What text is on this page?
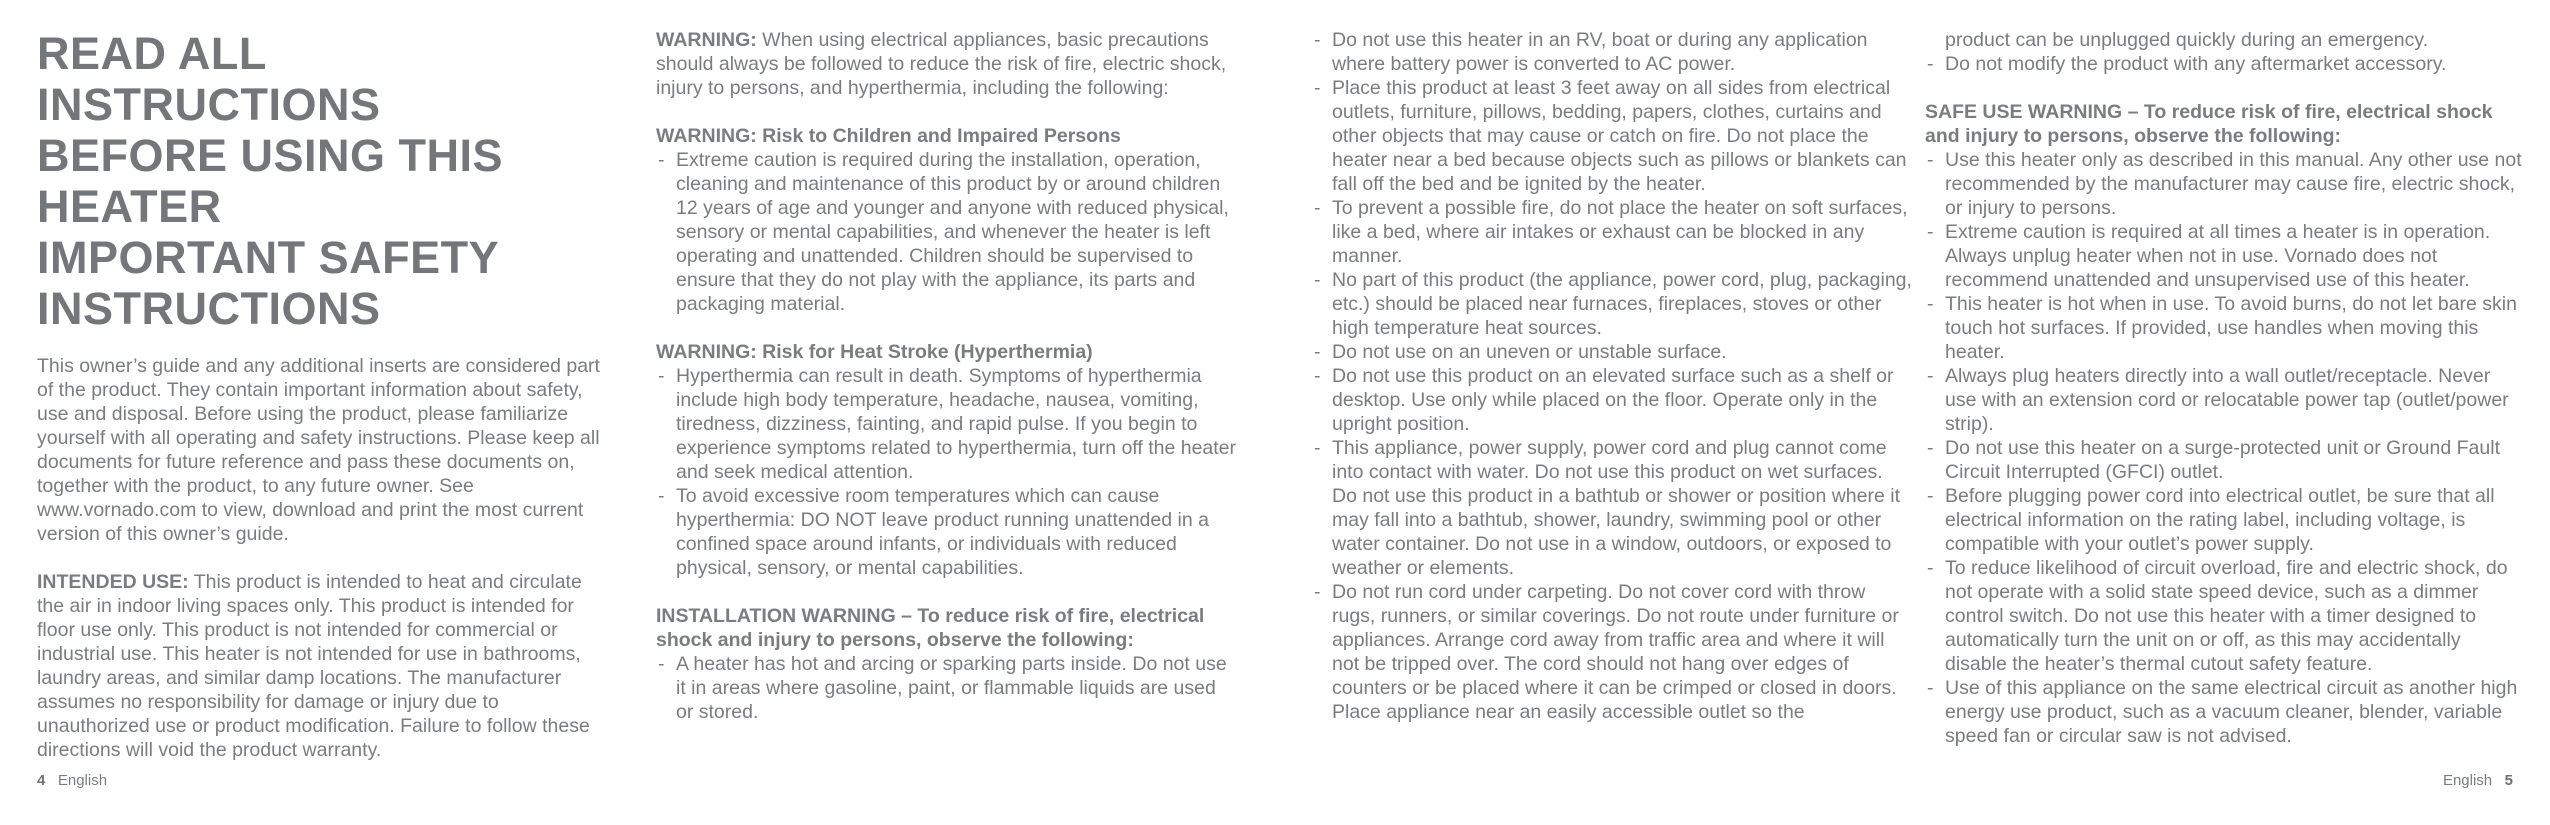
READ ALL INSTRUCTIONS
BEFORE USING THIS
HEATER
IMPORTANT SAFETY
INSTRUCTIONS

This owner’s guide and any additional inserts are considered part of the product. They contain important information about safety, use and disposal. Before using the product, please familiarize yourself with all operating and safety instructions. Please keep all documents for future reference and pass these documents on, together with the product, to any future owner. See www.vornado.com to view, download and print the most current version of this owner’s guide.

INTENDED USE: This product is intended to heat and circulate the air in indoor living spaces only. This product is intended for floor use only. This product is not intended for commercial or industrial use. This heater is not intended for use in bathrooms, laundry areas, and similar damp locations. The manufacturer assumes no responsibility for damage or injury due to unauthorized use or product modification. Failure to follow these directions will void the product warranty.

WARNING: When using electrical appliances, basic precautions should always be followed to reduce the risk of fire, electric shock, injury to persons, and hyperthermia, including the following:

WARNING: Risk to Children and Impaired Persons
- Extreme caution is required during the installation, operation, cleaning and maintenance of this product by or around children 12 years of age and younger and anyone with reduced physical, sensory or mental capabilities, and whenever the heater is left operating and unattended. Children should be supervised to ensure that they do not play with the appliance, its parts and packaging material.
WARNING: Risk for Heat Stroke (Hyperthermia)
- Hyperthermia can result in death. Symptoms of hyperthermia include high body temperature, headache, nausea, vomiting, tiredness, dizziness, fainting, and rapid pulse. If you begin to experience symptoms related to hyperthermia, turn off the heater and seek medical attention.
- To avoid excessive room temperatures which can cause hyperthermia: DO NOT leave product running unattended in a confined space around infants, or individuals with reduced physical, sensory, or mental capabilities.
INSTALLATION WARNING – To reduce risk of fire, electrical shock and injury to persons, observe the following:
- A heater has hot and arcing or sparking parts inside. Do not use it in areas where gasoline, paint, or flammable liquids are used or stored.
- Do not use this heater in an RV, boat or during any application where battery power is converted to AC power.
- Place this product at least 3 feet away on all sides from electrical outlets, furniture, pillows, bedding, papers, clothes, curtains and other objects that may cause or catch on fire. Do not place the heater near a bed because objects such as pillows or blankets can fall off the bed and be ignited by the heater.
- To prevent a possible fire, do not place the heater on soft surfaces, like a bed, where air intakes or exhaust can be blocked in any manner.
- No part of this product (the appliance, power cord, plug, packaging, etc.) should be placed near furnaces, fireplaces, stoves or other high temperature heat sources.
- Do not use on an uneven or unstable surface.
- Do not use this product on an elevated surface such as a shelf or desktop. Use only while placed on the floor. Operate only in the upright position.
- This appliance, power supply, power cord and plug cannot come into contact with water. Do not use this product on wet surfaces. Do not use this product in a bathtub or shower or position where it may fall into a bathtub, shower, laundry, swimming pool or other water container. Do not use in a window, outdoors, or exposed to weather or elements.
- Do not run cord under carpeting. Do not cover cord with throw rugs, runners, or similar coverings. Do not route under furniture or appliances. Arrange cord away from traffic area and where it will not be tripped over. The cord should not hang over edges of counters or be placed where it can be crimped or closed in doors. Place appliance near an easily accessible outlet so the
product can be unplugged quickly during an emergency.
- Do not modify the product with any aftermarket accessory.
SAFE USE WARNING – To reduce risk of fire, electrical shock and injury to persons, observe the following:
- Use this heater only as described in this manual. Any other use not recommended by the manufacturer may cause fire, electric shock, or injury to persons.
- Extreme caution is required at all times a heater is in operation. Always unplug heater when not in use. Vornado does not recommend unattended and unsupervised use of this heater.
- This heater is hot when in use. To avoid burns, do not let bare skin touch hot surfaces. If provided, use handles when moving this heater.
- Always plug heaters directly into a wall outlet/receptacle. Never use with an extension cord or relocatable power tap (outlet/power strip).
- Do not use this heater on a surge-protected unit or Ground Fault Circuit Interrupted (GFCI) outlet.
- Before plugging power cord into electrical outlet, be sure that all electrical information on the rating label, including voltage, is compatible with your outlet’s power supply.
- To reduce likelihood of circuit overload, fire and electric shock, do not operate with a solid state speed device, such as a dimmer control switch. Do not use this heater with a timer designed to automatically turn the unit on or off, as this may accidentally disable the heater’s thermal cutout safety feature.
- Use of this appliance on the same electrical circuit as another high energy use product, such as a vacuum cleaner, blender, variable speed fan or circular saw is not advised.
4 English	English 5
